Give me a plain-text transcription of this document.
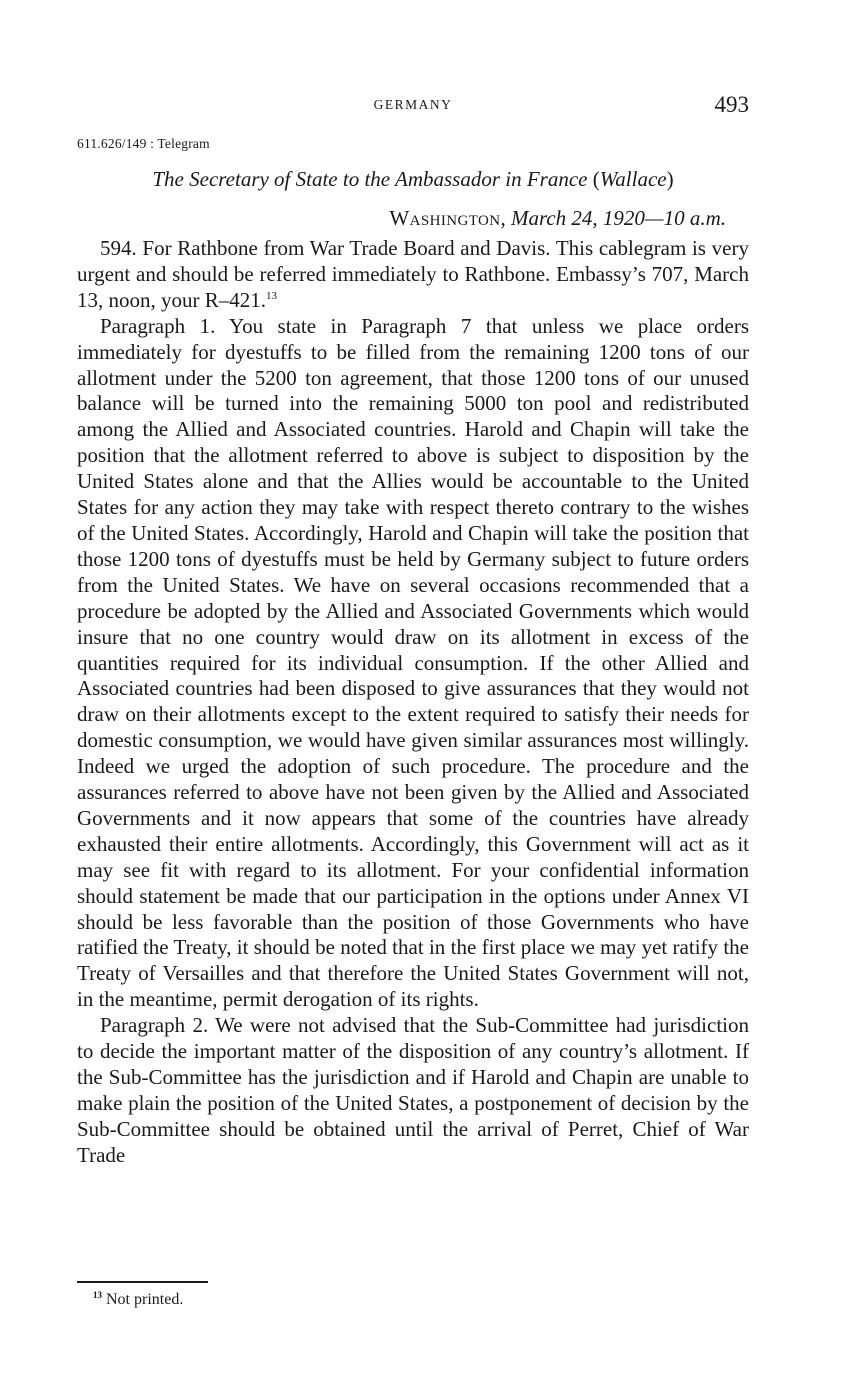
GERMANY	493
611.626/149 : Telegram
The Secretary of State to the Ambassador in France (Wallace)
Washington, March 24, 1920—10 a.m.

594. For Rathbone from War Trade Board and Davis. This cablegram is very urgent and should be referred immediately to Rathbone. Embassy’s 707, March 13, noon, your R–421.13

Paragraph 1. You state in Paragraph 7 that unless we place orders immediately for dyestuffs to be filled from the remaining 1200 tons of our allotment under the 5200 ton agreement, that those 1200 tons of our unused balance will be turned into the remaining 5000 ton pool and redistributed among the Allied and Associated countries. Harold and Chapin will take the position that the allotment referred to above is subject to disposition by the United States alone and that the Allies would be accountable to the United States for any action they may take with respect thereto contrary to the wishes of the United States. Accordingly, Harold and Chapin will take the position that those 1200 tons of dyestuffs must be held by Germany subject to future orders from the United States. We have on several occasions recommended that a procedure be adopted by the Allied and Associated Governments which would insure that no one country would draw on its allotment in excess of the quantities required for its individual consumption. If the other Allied and Associated countries had been disposed to give assurances that they would not draw on their allotments except to the extent required to satisfy their needs for domestic consumption, we would have given similar assurances most willingly. Indeed we urged the adoption of such procedure. The procedure and the assurances referred to above have not been given by the Allied and Associated Governments and it now appears that some of the countries have already exhausted their entire allotments. Accordingly, this Government will act as it may see fit with regard to its allotment. For your confidential information should statement be made that our participation in the options under Annex VI should be less favorable than the position of those Governments who have ratified the Treaty, it should be noted that in the first place we may yet ratify the Treaty of Versailles and that therefore the United States Government will not, in the meantime, permit derogation of its rights.

Paragraph 2. We were not advised that the Sub-Committee had jurisdiction to decide the important matter of the disposition of any country’s allotment. If the Sub-Committee has the jurisdiction and if Harold and Chapin are unable to make plain the position of the United States, a postponement of decision by the Sub-Committee should be obtained until the arrival of Perret, Chief of War Trade

$^{13}$ Not printed.
